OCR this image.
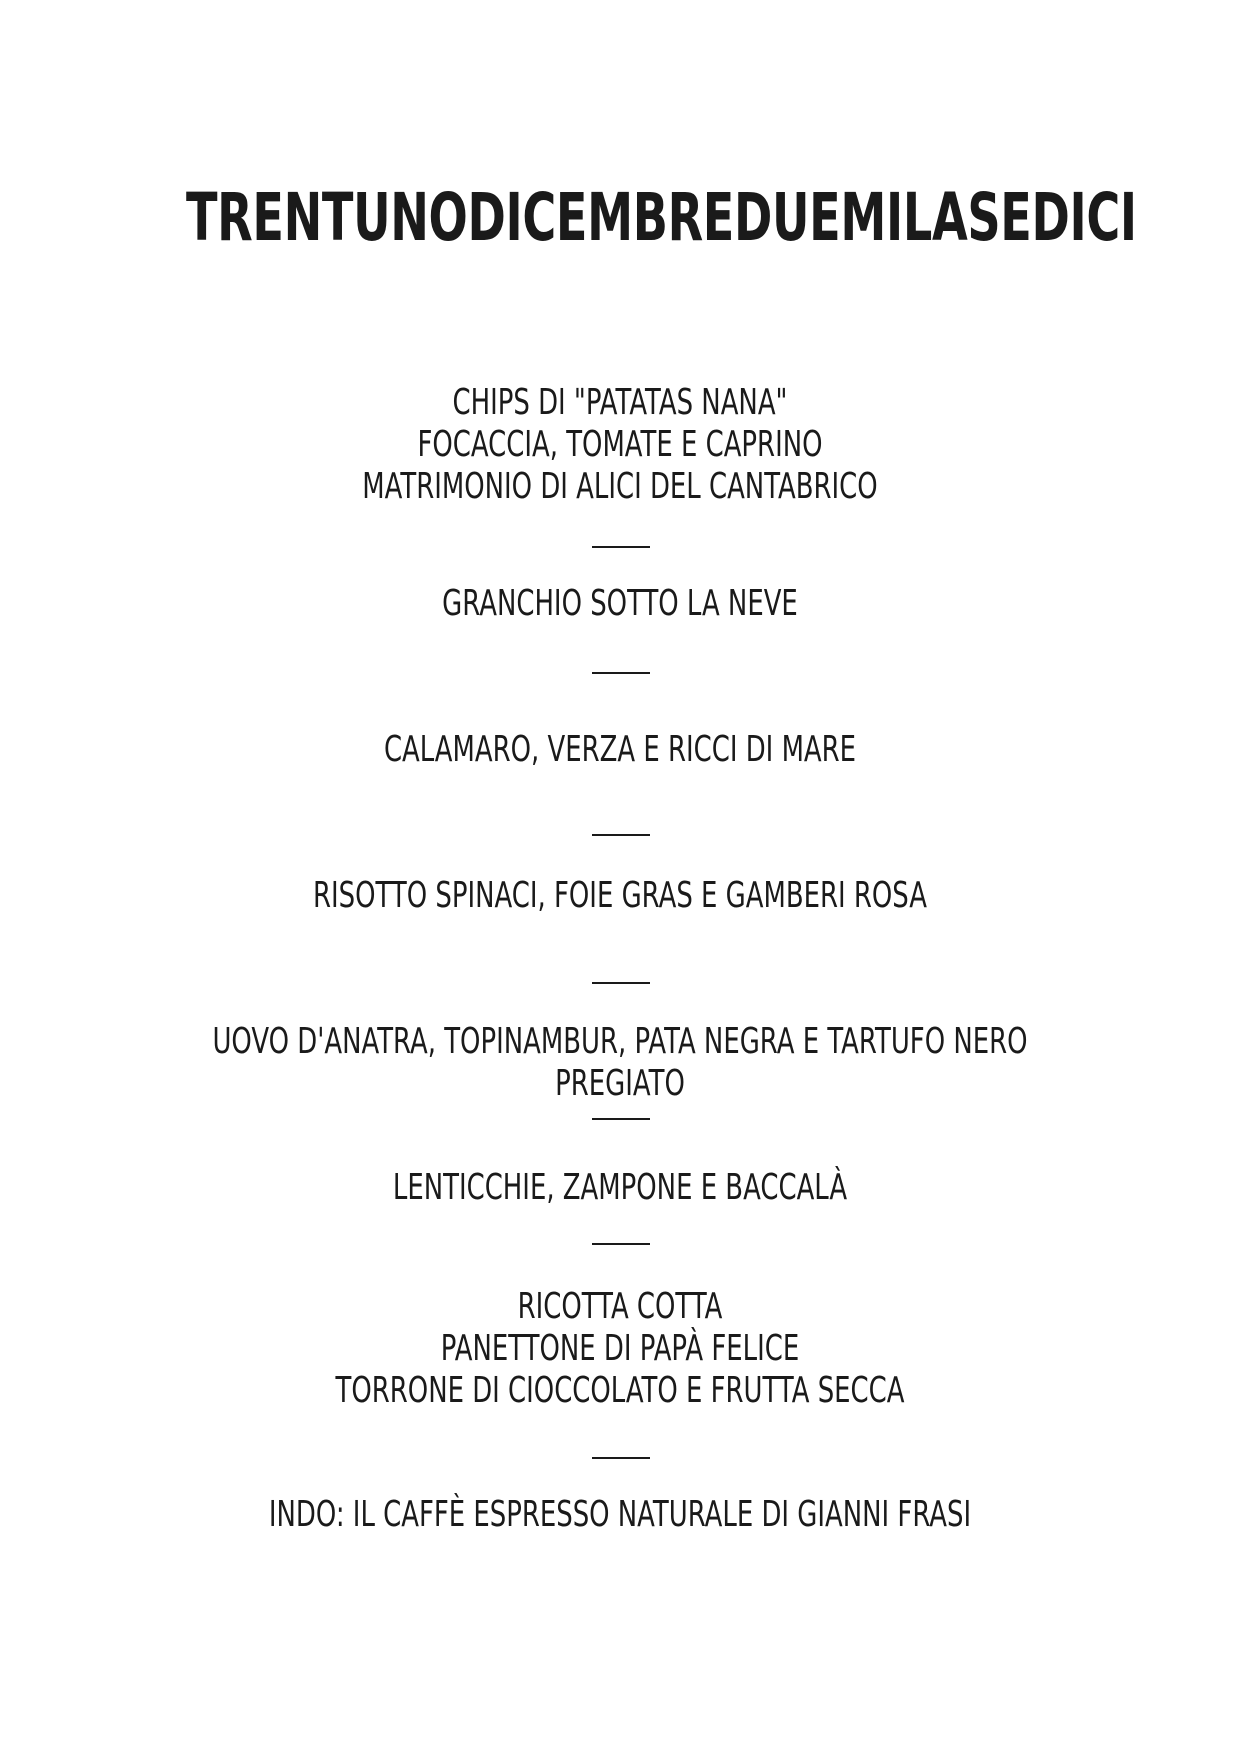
TRENTUNODICEMBREDUEMILASEDICI
CHIPS DI "PATATAS NANA"
FOCACCIA, TOMATE E CAPRINO
MATRIMONIO DI ALICI DEL CANTABRICO
GRANCHIO SOTTO LA NEVE
CALAMARO, VERZA E RICCI DI MARE
RISOTTO SPINACI, FOIE GRAS E GAMBERI ROSA
UOVO D'ANATRA, TOPINAMBUR, PATA NEGRA E TARTUFO NERO PREGIATO
LENTICCHIE, ZAMPONE E BACCALÀ
RICOTTA COTTA
PANETTONE DI PAPÀ FELICE
TORRONE DI CIOCCOLATO E FRUTTA SECCA
INDO: IL CAFFÈ ESPRESSO NATURALE DI GIANNI FRASI
